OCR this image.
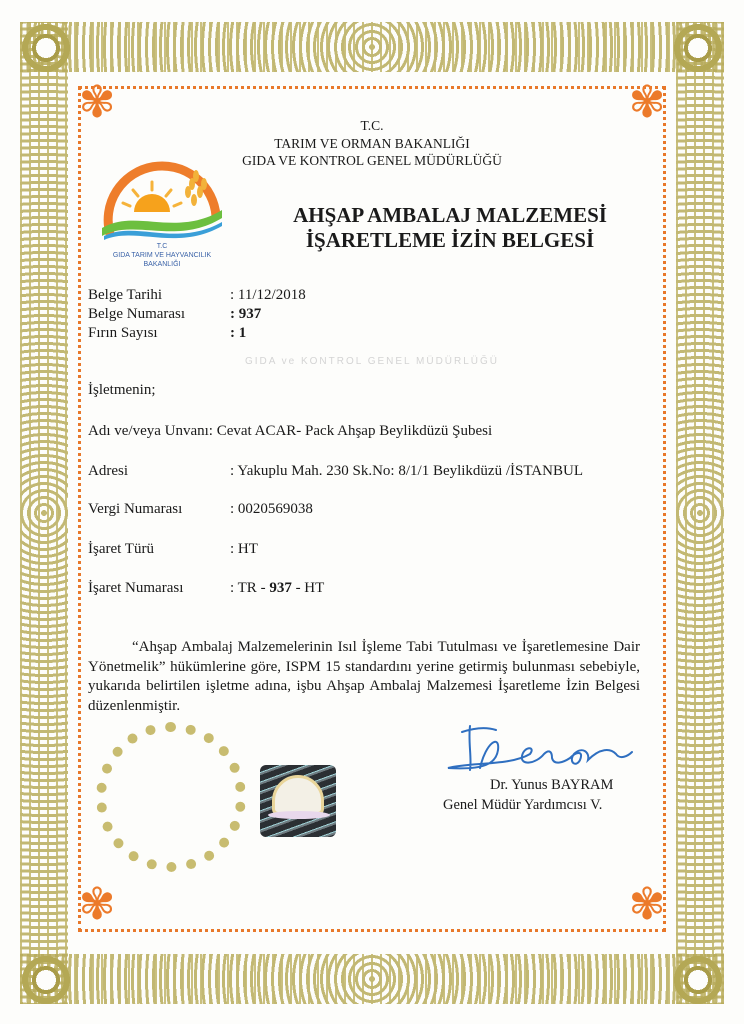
✾	✾
✾	✾
GIDA ve KONTROL GENEL MÜDÜRLÜĞÜ
T.C
GIDA TARIM VE HAYVANCILIK
BAKANLIĞI
T.C.
TARIM VE ORMAN BAKANLIĞI
GIDA VE KONTROL GENEL MÜDÜRLÜĞÜ
AHŞAP AMBALAJ MALZEMESİ
İŞARETLEME İZİN BELGESİ
Belge Tarihi	: 11/12/2018
Belge Numarası	: 937
Fırın Sayısı	: 1
İşletmenin;
Adı ve/veya Unvanı: Cevat ACAR- Pack Ahşap Beylikdüzü Şubesi
Adresi	: Yakuplu Mah. 230 Sk.No: 8/1/1 Beylikdüzü /İSTANBUL
Vergi Numarası	: 0020569038
İşaret Türü	: HT
İşaret Numarası	: TR - 937 - HT
“Ahşap Ambalaj Malzemelerinin Isıl İşleme Tabi Tutulması ve İşaretlemesine Dair Yönetmelik” hükümlerine göre, ISPM 15 standardını yerine getirmiş bulunması sebebiyle, yukarıda belirtilen işletme adına, işbu Ahşap Ambalaj Malzemesi İşaretleme İzin Belgesi düzenlenmiştir.
Dr. Yunus BAYRAM
Genel Müdür Yardımcısı V.
